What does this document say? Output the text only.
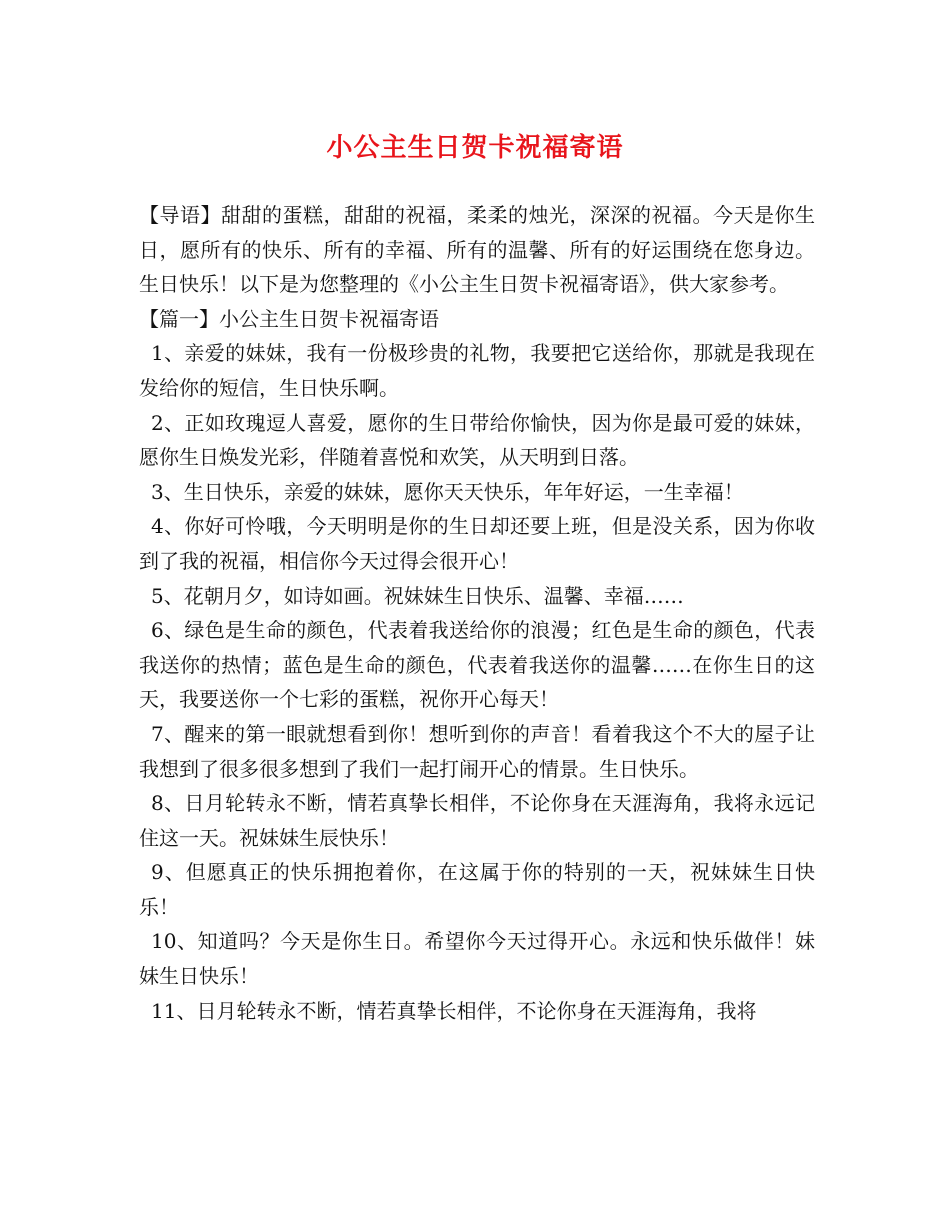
小公主生日贺卡祝福寄语

【导语】甜甜的蛋糕，甜甜的祝福，柔柔的烛光，深深的祝福。今天是你生日，愿所有的快乐、所有的幸福、所有的温馨、所有的好运围绕在您身边。生日快乐！以下是为您整理的《小公主生日贺卡祝福寄语》，供大家参考。

【篇一】小公主生日贺卡祝福寄语

1、亲爱的妹妹，我有一份极珍贵的礼物，我要把它送给你，那就是我现在发给你的短信，生日快乐啊。

2、正如玫瑰逗人喜爱，愿你的生日带给你愉快，因为你是最可爱的妹妹，愿你生日焕发光彩，伴随着喜悦和欢笑，从天明到日落。

3、生日快乐，亲爱的妹妹，愿你天天快乐，年年好运，一生幸福！

4、你好可怜哦，今天明明是你的生日却还要上班，但是没关系，因为你收到了我的祝福，相信你今天过得会很开心！

5、花朝月夕，如诗如画。祝妹妹生日快乐、温馨、幸福……

6、绿色是生命的颜色，代表着我送给你的浪漫；红色是生命的颜色，代表我送你的热情；蓝色是生命的颜色，代表着我送你的温馨……在你生日的这天，我要送你一个七彩的蛋糕，祝你开心每天！

7、醒来的第一眼就想看到你！想听到你的声音！看着我这个不大的屋子让我想到了很多很多想到了我们一起打闹开心的情景。生日快乐。

8、日月轮转永不断，情若真挚长相伴，不论你身在天涯海角，我将永远记住这一天。祝妹妹生辰快乐！

9、但愿真正的快乐拥抱着你，在这属于你的特别的一天，祝妹妹生日快乐！

10、知道吗？今天是你生日。希望你今天过得开心。永远和快乐做伴！妹妹生日快乐！

11、日月轮转永不断，情若真挚长相伴，不论你身在天涯海角，我将
